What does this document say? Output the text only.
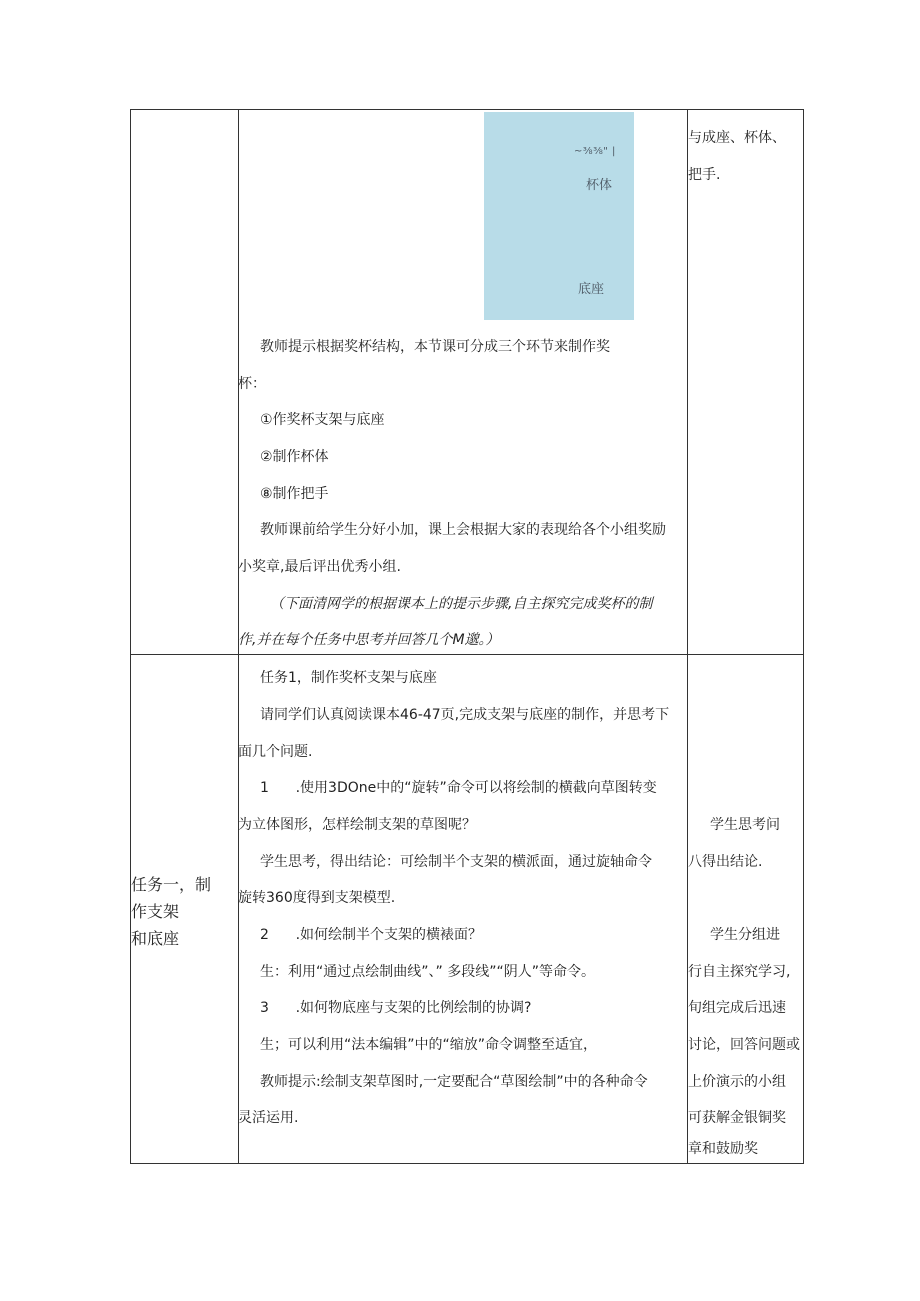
~⅜⅜" |
杯体
底座
教师提示根据奖杯结构，本节课可分成三个环节来制作奖
杯：
①作奖杯支架与底座
②制作杯体
⑧制作把手
教师课前给学生分好小加，课上会根据大家的表现给各个小组奖励
小奖章,最后评出优秀小组.
（下面清网学的根据课本上的提示步骤,自主探究完成奖杯的制
作,并在每个任务中思考并回答几个M邈。）
与成座、杯体、
把手.
任务一，制
作支架
和底座
任务1，制作奖杯支架与底座
请同学们认真阅读课本46-47页,完成支架与底座的制作，并思考下
面几个问题.
1      .使用3DOne中的“旋转”命令可以将绘制的横截向草图转变
为立体图形，怎样绘制支架的草图呢？
学生思考，得出结论：可绘制半个支架的横派面，通过旋轴命令
旋转360度得到支架模型.
2      .如何绘制半个支架的横裱面？
生：利用“通过点绘制曲线”、” 多段线”“阴人”等命令。
3      .如何物底座与支架的比例绘制的协调?
生；可以利用“法本编辑”中的“缩放”命令调整至适宜，
教师提示:绘制支架草图时,一定要配合“草图绘制”中的各种命令
灵活运用.
学生思考问
八得出结论.
学生分组进
行自主探究学习,
旬组完成后迅速
讨论，回答问题或
上价演示的小组
可获解金银铜奖
章和鼓励奖
